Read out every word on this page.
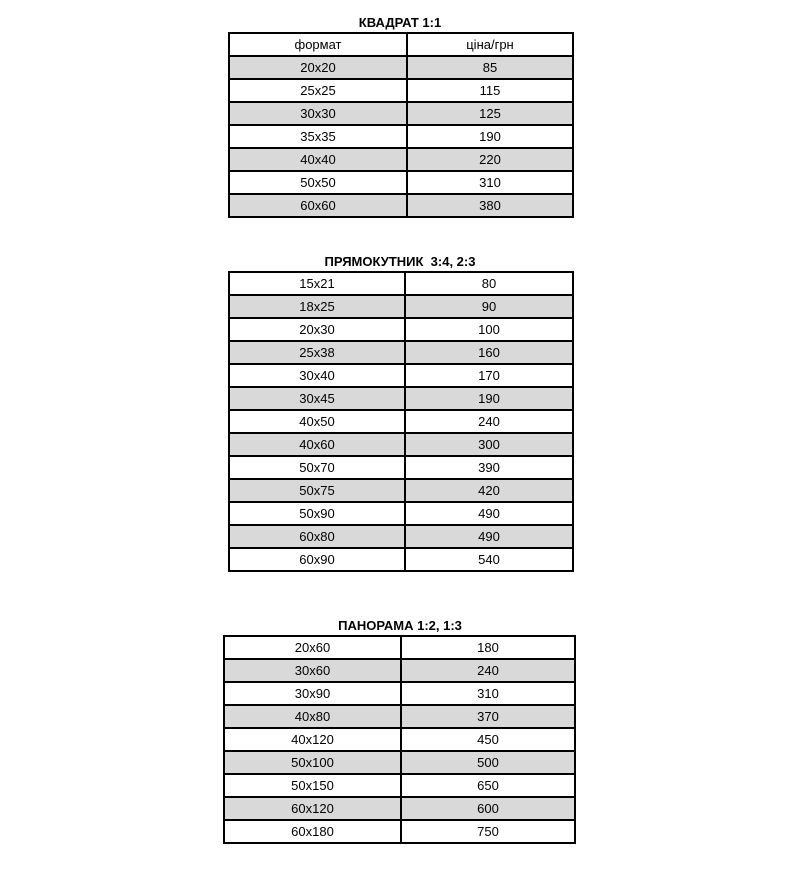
КВАДРАТ 1:1
формат	ціна/грн
20x20	85
25x25	115
30x30	125
35x35	190
40x40	220
50x50	310
60x60	380
ПРЯМОКУТНИК  3:4, 2:3
15x21	80
18x25	90
20x30	100
25x38	160
30x40	170
30x45	190
40x50	240
40x60	300
50x70	390
50x75	420
50x90	490
60x80	490
60x90	540
ПАНОРАМА 1:2, 1:3
20x60	180
30x60	240
30x90	310
40x80	370
40x120	450
50x100	500
50x150	650
60x120	600
60x180	750
